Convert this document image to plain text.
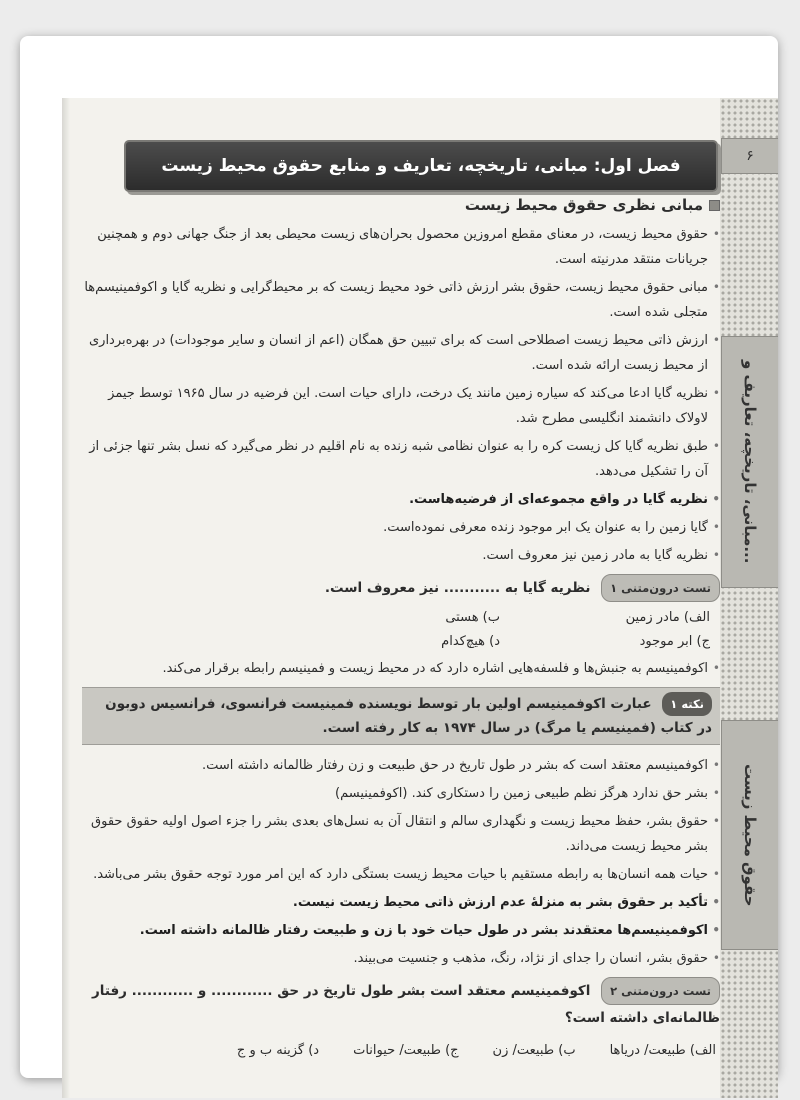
۶
مبانی، تاریخچه، تعاریف و...
حقوق محیط زیست
فصل اول: مبانی، تاریخچه، تعاریف و منابع حقوق محیط زیست
مبانی نظری حقوق محیط زیست
• حقوق محیط زیست، در معنای مقطع امروزین محصول بحران‌های زیست محیطی بعد از جنگ جهانی دوم و همچنین جریانات منتقد مدرنیته است.
• مبانی حقوق محیط زیست، حقوق بشر ارزش ذاتی خود محیط زیست که بر محیط‌گرایی و نظریه گایا و اکوفمینیسم‌ها متجلی شده است.
• ارزش ذاتی محیط زیست اصطلاحی است که برای تبیین حق همگان (اعم از انسان و سایر موجودات) در بهره‌برداری از محیط زیست ارائه شده است.
• نظریه گایا ادعا می‌کند که سیاره زمین مانند یک درخت، دارای حیات است. این فرضیه در سال ۱۹۶۵ توسط جیمز لاولاک دانشمند انگلیسی مطرح شد.
• طبق نظریه گایا کل زیست کره را به عنوان نظامی شبه زنده به نام اقلیم در نظر می‌گیرد که نسل بشر تنها جزئی از آن را تشکیل می‌دهد.
• نظریه گایا در واقع مجموعه‌ای از فرضیه‌هاست.
• گایا زمین را به عنوان یک ابر موجود زنده معرفی نموده‌است.
• نظریه گایا به مادر زمین نیز معروف است.
تست درون‌متنی ۱ نظریه گایا به ........... نیز معروف است.
الف) مادر زمین
ب) هستی
ج) ابر موجود
د) هیچ‌کدام
• اکوفمینیسم به جنبش‌ها و فلسفه‌هایی اشاره دارد که در محیط زیست و فمینیسم رابطه برقرار می‌کند.
نکته ۱ عبارت اکوفمینیسم اولین بار توسط نویسنده فمینیست فرانسوی، فرانسیس دوبون در کتاب (فمینیسم یا مرگ) در سال ۱۹۷۴ به کار رفته است.
• اکوفمینیسم معتقد است که بشر در طول تاریخ در حق طبیعت و زن رفتار ظالمانه داشته است.
• بشر حق ندارد هرگز نظم طبیعی زمین را دستکاری کند. (اکوفمینیسم)
• حقوق بشر، حفظ محیط زیست و نگهداری سالم و انتقال آن به نسل‌های بعدی بشر را جزء اصول اولیه حقوق حقوق بشر محیط زیست می‌داند.
• حیات همه انسان‌ها به رابطه مستقیم با حیات محیط زیست بستگی دارد که این امر مورد توجه حقوق بشر می‌باشد.
• تأکید بر حقوق بشر به منزلهٔ عدم ارزش ذاتی محیط زیست نیست.
• اکوفمینیسم‌ها معتقدند بشر در طول حیات خود با زن و طبیعت رفتار ظالمانه داشته است.
• حقوق بشر، انسان را جدای از نژاد، رنگ، مذهب و جنسیت می‌بیند.
تست درون‌متنی ۲ اکوفمینیسم معتقد است بشر طول تاریخ در حق ............ و ............ رفتار ظالمانه‌ای داشته است؟
الف) طبیعت/ دریاها
ب) طبیعت/ زن
ج) طبیعت/ حیوانات
د) گزینه ب و ج
